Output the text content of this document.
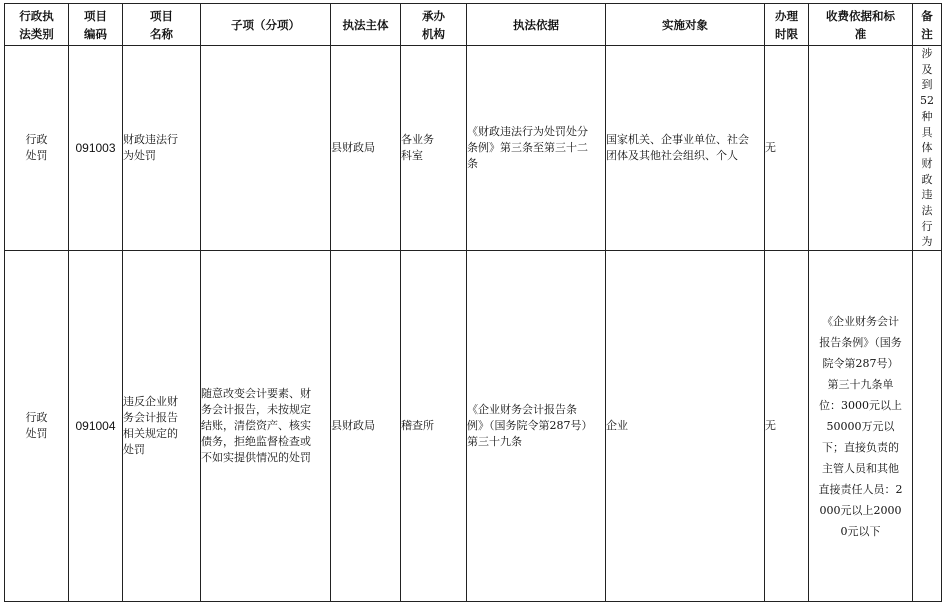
行政执法类别	项目编码	项目名称	子项（分项）	执法主体	承办机构	执法依据	实施对象	办理时限	收费依据和标准	备注

行政处罚	091003	财政违法行为处罚		县财政局	各业务科室	《财政违法行为处罚处分条例》第三条至第三十二条	国家机关、企事业单位、社会团体及其他社会组织、个人	无		涉及到52种具体财政违法行为

行政处罚	091004	违反企业财务会计报告相关规定的处罚	随意改变会计要素、财务会计报告，未按规定结账，清偿资产、核实债务，拒绝监督检查或不如实提供情况的处罚	县财政局	稽查所	《企业财务会计报告条例》（国务院令第287号）第三十九条	企业	无	《企业财务会计报告条例》（国务院令第287号）第三十九条单位：3000元以上50000万元以下；直接负责的主管人员和其他直接责任人员：2000元以上20000元以下	
